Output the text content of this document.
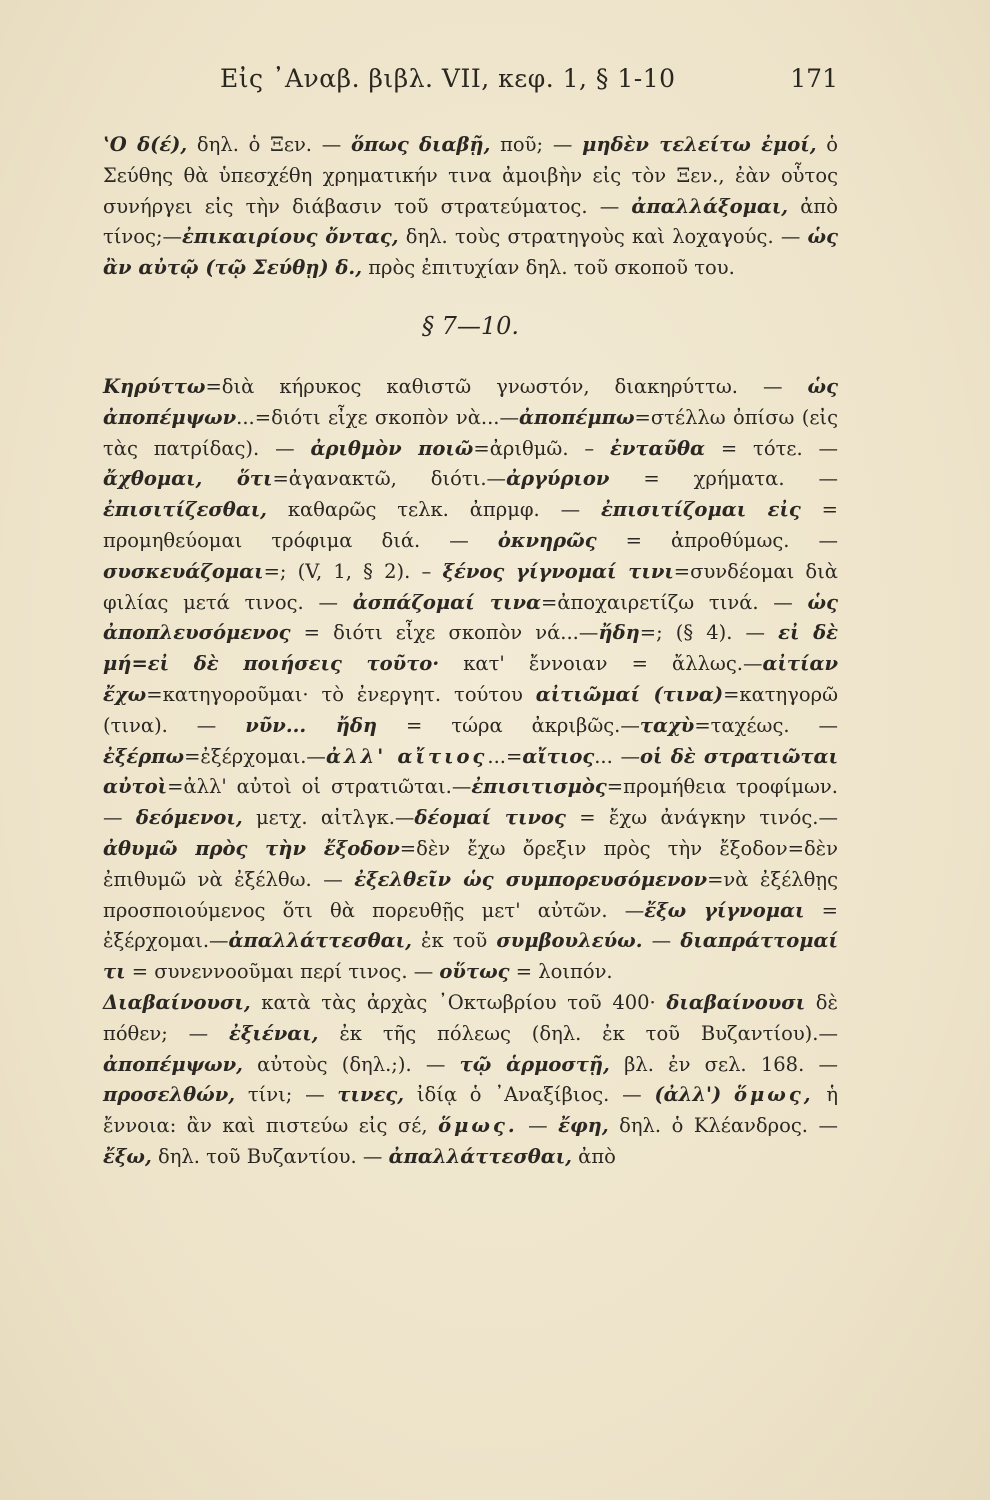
Εἰς ᾿Αναβ. βιβλ. VII, κεφ. 1, § 1-10	171

ʽΟ δ(έ), δηλ. ὁ Ξεν. — ὅπως διαβῇ, ποῦ; — μηδὲν τελείτω ἐμοί, ὁ Σεύθης θὰ ὑπεσχέθη χρηματικήν τινα ἀμοιβὴν εἰς τὸν Ξεν., ἐὰν οὗτος συνήργει εἰς τὴν διάβασιν τοῦ στρατεύματος. — ἀπαλλάξομαι, ἀπὸ τίνος;—ἐπικαιρίους ὄντας, δηλ. τοὺς στρατηγοὺς καὶ λοχαγούς. — ὡς ἂν αὐτῷ (τῷ Σεύθῃ) δ., πρὸς ἐπιτυχίαν δηλ. τοῦ σκοποῦ του.

§ 7—10.

Κηρύττω=διὰ κήρυκος καθιστῶ γνωστόν, διακηρύττω. — ὡς ἀποπέμψων...=διότι εἶχε σκοπὸν νὰ...—ἀποπέμπω=στέλλω ὀπίσω (εἰς τὰς πατρίδας). — ἀριθμὸν ποιῶ=ἀριθμῶ. – ἐνταῦθα = τότε. — ἄχθομαι, ὅτι=ἀγανακτῶ, διότι.—ἀργύριον = χρήματα. — ἐπισιτίζεσθαι, καθαρῶς τελκ. ἀπρμφ. — ἐπισιτίζομαι εἰς = προμηθεύομαι τρόφιμα διά. — ὀκνηρῶς = ἀπροθύμως. — συσκευάζομαι=; (V, 1, § 2). – ξένος γίγνομαί τινι=συνδέομαι διὰ φιλίας μετά τινος. — ἀσπάζομαί τινα=ἀποχαιρετίζω τινά. — ὡς ἀποπλευσόμενος = διότι εἶχε σκοπὸν νά...—ἤδη=; (§ 4). — εἰ δὲ μή=εἰ δὲ ποιήσεις τοῦτο· κατ' ἔννοιαν = ἄλλως.—αἰτίαν ἔχω=κατηγοροῦμαι· τὸ ἐνεργητ. τούτου αἰτιῶμαί (τινα)=κατηγορῶ (τινα). — νῦν... ἤδη = τώρα ἀκριβῶς.—ταχὺ=ταχέως. — ἐξέρπω=ἐξέρχομαι.—ἀλλ' αἴτιος...=αἴτιος... —οἱ δὲ στρατιῶται αὐτοὶ=ἀλλ' αὐτοὶ οἱ στρατιῶται.—ἐπισιτισμὸς=προμήθεια τροφίμων. — δεόμενοι, μετχ. αἰτλγκ.—δέομαί τινος = ἔχω ἀνάγκην τινός.—ἀθυμῶ πρὸς τὴν ἔξοδον=δὲν ἔχω ὄρεξιν πρὸς τὴν ἔξοδον=δὲν ἐπιθυμῶ νὰ ἐξέλθω. — ἐξελθεῖν ὡς συμπορευσόμενον=νὰ ἐξέλθῃς προσποιούμενος ὅτι θὰ πορευθῇς μετ' αὐτῶν. —ἔξω γίγνομαι = ἐξέρχομαι.—ἀπαλλάττεσθαι, ἐκ τοῦ συμβουλεύω. — διαπράττομαί τι = συνεννοοῦμαι περί τινος. — οὕτως = λοιπόν.

Διαβαίνουσι, κατὰ τὰς ἀρχὰς ᾿Οκτωβρίου τοῦ 400· διαβαίνουσι δὲ πόθεν; — ἐξιέναι, ἐκ τῆς πόλεως (δηλ. ἐκ τοῦ Βυζαντίου).—ἀποπέμψων, αὐτοὺς (δηλ.;). — τῷ ἁρμοστῇ, βλ. ἐν σελ. 168. — προσελθών, τίνι; — τινες, ἰδίᾳ ὁ ᾿Αναξίβιος. — (ἀλλ') ὅμως, ἡ ἔννοια: ἂν καὶ πιστεύω εἰς σέ, ὅμως. — ἔφη, δηλ. ὁ Κλέανδρος. — ἔξω, δηλ. τοῦ Βυζαντίου. — ἀπαλλάττεσθαι, ἀπὸ
